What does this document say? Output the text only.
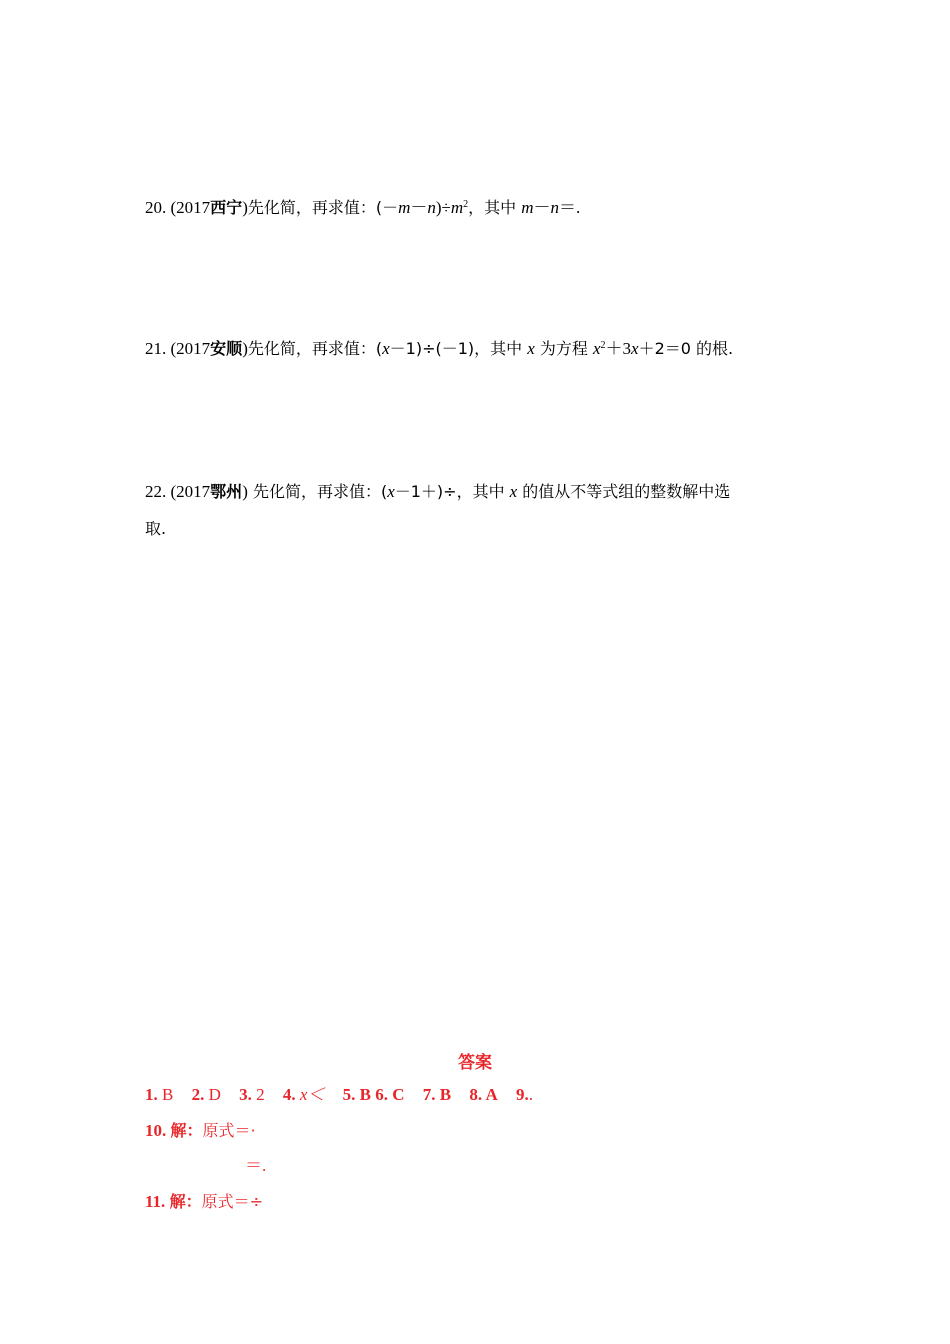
20. (2017西宁)先化简，再求值：$(-m-n)\div m^2$，其中 m－n＝.
21. (2017安顺)先化简，再求值：(x－1)÷(－1)，其中 x 为方程 $x^2+3x+2=0$ 的根.
22. (2017鄂州) 先化简，再求值：(x－1＋)÷，其中 x 的值从不等式组的整数解中选
取.
答案
1. B 2. D 3. 2 4. x＜ 5. B 6. C 7. B 8. A 9..
10. 解：原式＝·
＝.
11. 解：原式＝÷
